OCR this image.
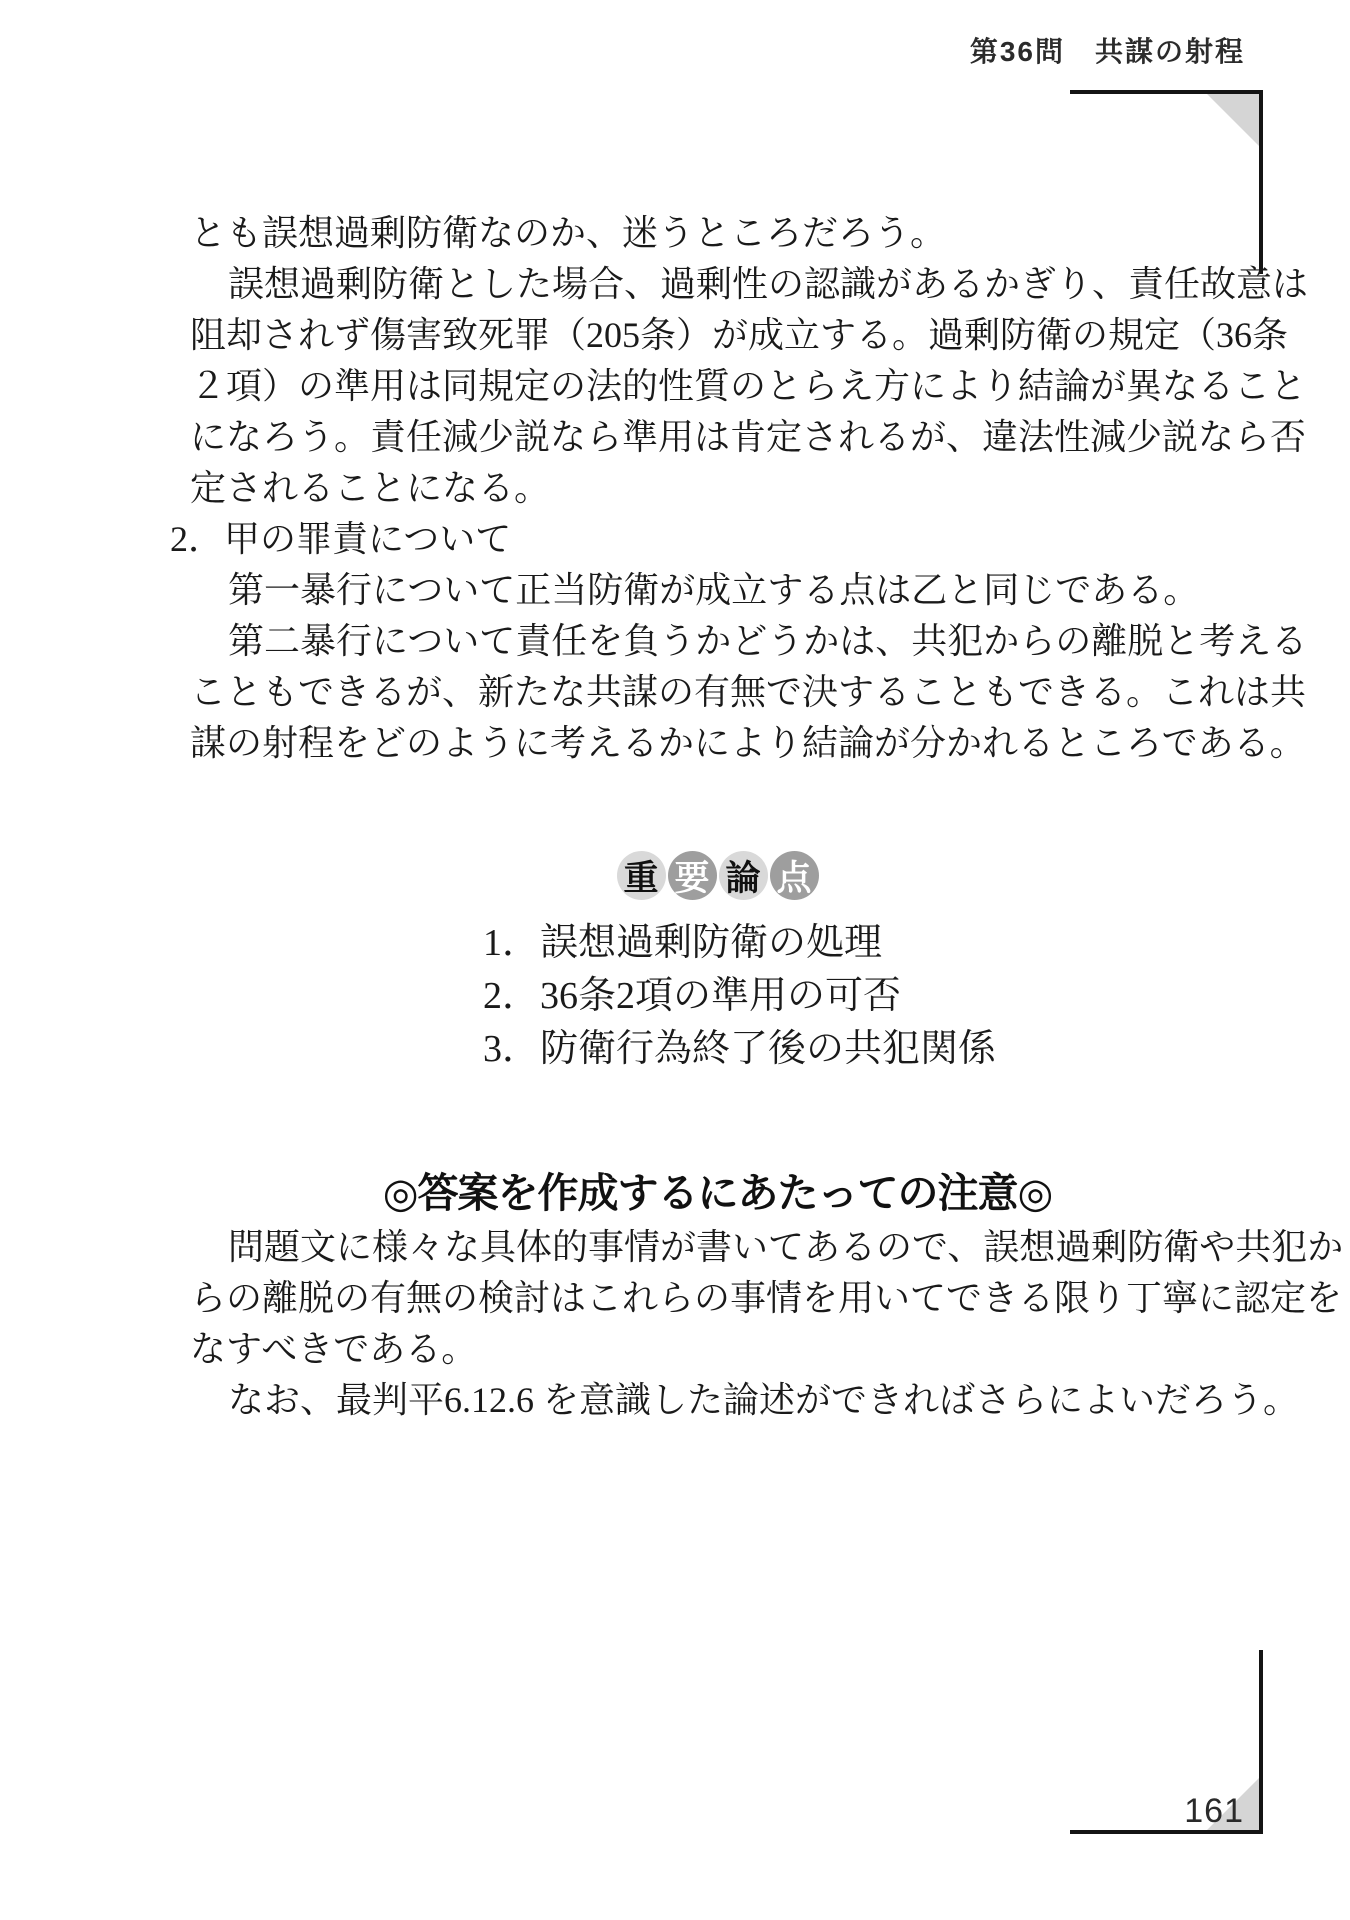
第36問　共謀の射程
とも誤想過剰防衛なのか、迷うところだろう。
誤想過剰防衛とした場合、過剰性の認識があるかぎり、責任故意は
阻却されず傷害致死罪（205条）が成立する。過剰防衛の規定（36条
２項）の準用は同規定の法的性質のとらえ方により結論が異なること
になろう。責任減少説なら準用は肯定されるが、違法性減少説なら否
定されることになる。
2．甲の罪責について
第一暴行について正当防衛が成立する点は乙と同じである。
第二暴行について責任を負うかどうかは、共犯からの離脱と考える
こともできるが、新たな共謀の有無で決することもできる。これは共
謀の射程をどのように考えるかにより結論が分かれるところである。
重 要 論 点
1．誤想過剰防衛の処理
2．36条2項の準用の可否
3．防衛行為終了後の共犯関係
◎答案を作成するにあたっての注意◎
問題文に様々な具体的事情が書いてあるので、誤想過剰防衛や共犯か
らの離脱の有無の検討はこれらの事情を用いてできる限り丁寧に認定を
なすべきである。
なお、最判平6.12.6 を意識した論述ができればさらによいだろう。
161
